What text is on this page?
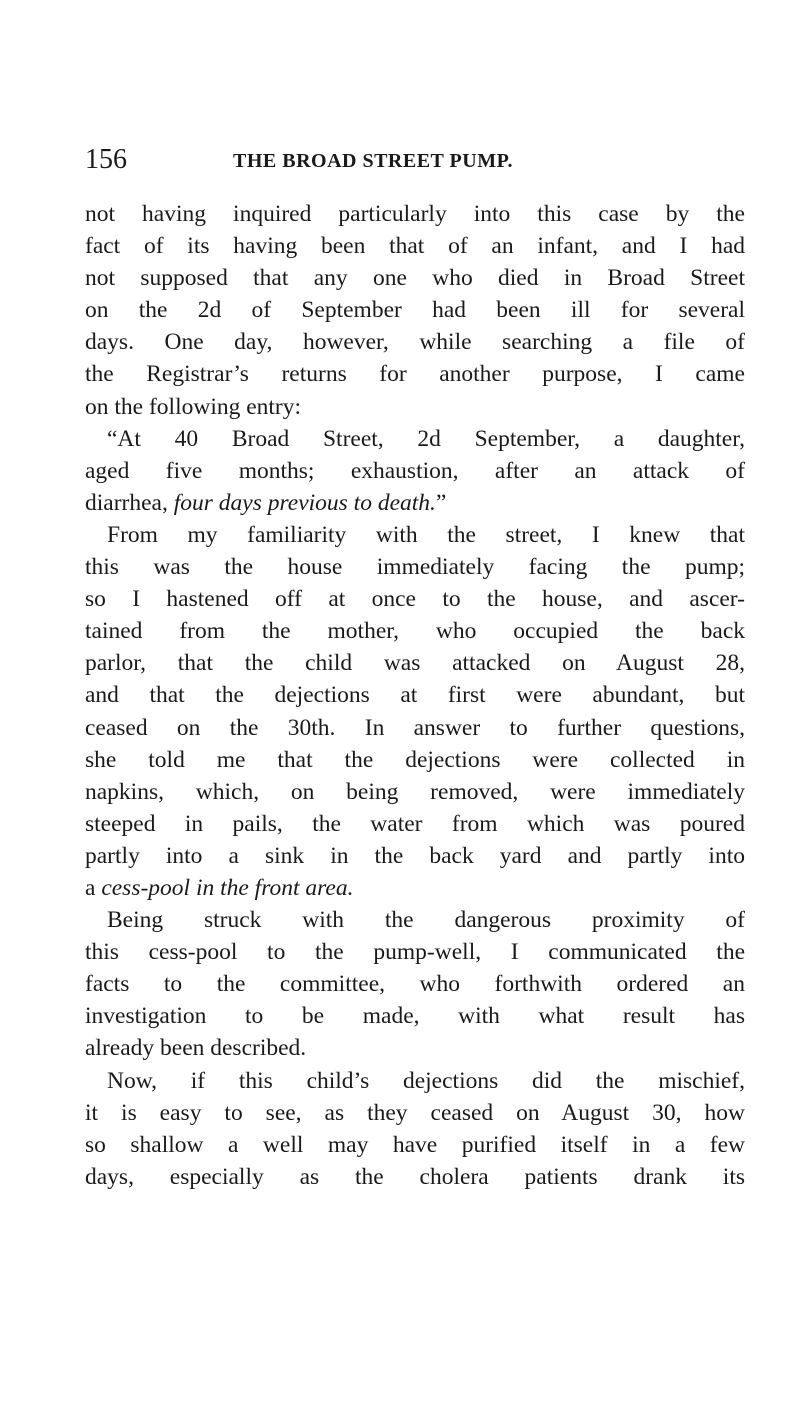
156	THE BROAD STREET PUMP.

not having inquired particularly into this case by the
fact of its having been that of an infant, and I had
not supposed that any one who died in Broad Street
on the 2d of September had been ill for several
days. One day, however, while searching a file of
the Registrar’s returns for another purpose, I came
on the following entry:

“At 40 Broad Street, 2d September, a daughter,
aged five months; exhaustion, after an attack of
diarrhea, four days previous to death.”

From my familiarity with the street, I knew that
this was the house immediately facing the pump;
so I hastened off at once to the house, and ascer-
tained from the mother, who occupied the back
parlor, that the child was attacked on August 28,
and that the dejections at first were abundant, but
ceased on the 30th. In answer to further questions,
she told me that the dejections were collected in
napkins, which, on being removed, were immediately
steeped in pails, the water from which was poured
partly into a sink in the back yard and partly into
a cess-pool in the front area.

Being struck with the dangerous proximity of
this cess-pool to the pump-well, I communicated the
facts to the committee, who forthwith ordered an
investigation to be made, with what result has
already been described.

Now, if this child’s dejections did the mischief,
it is easy to see, as they ceased on August 30, how
so shallow a well may have purified itself in a few
days, especially as the cholera patients drank its
